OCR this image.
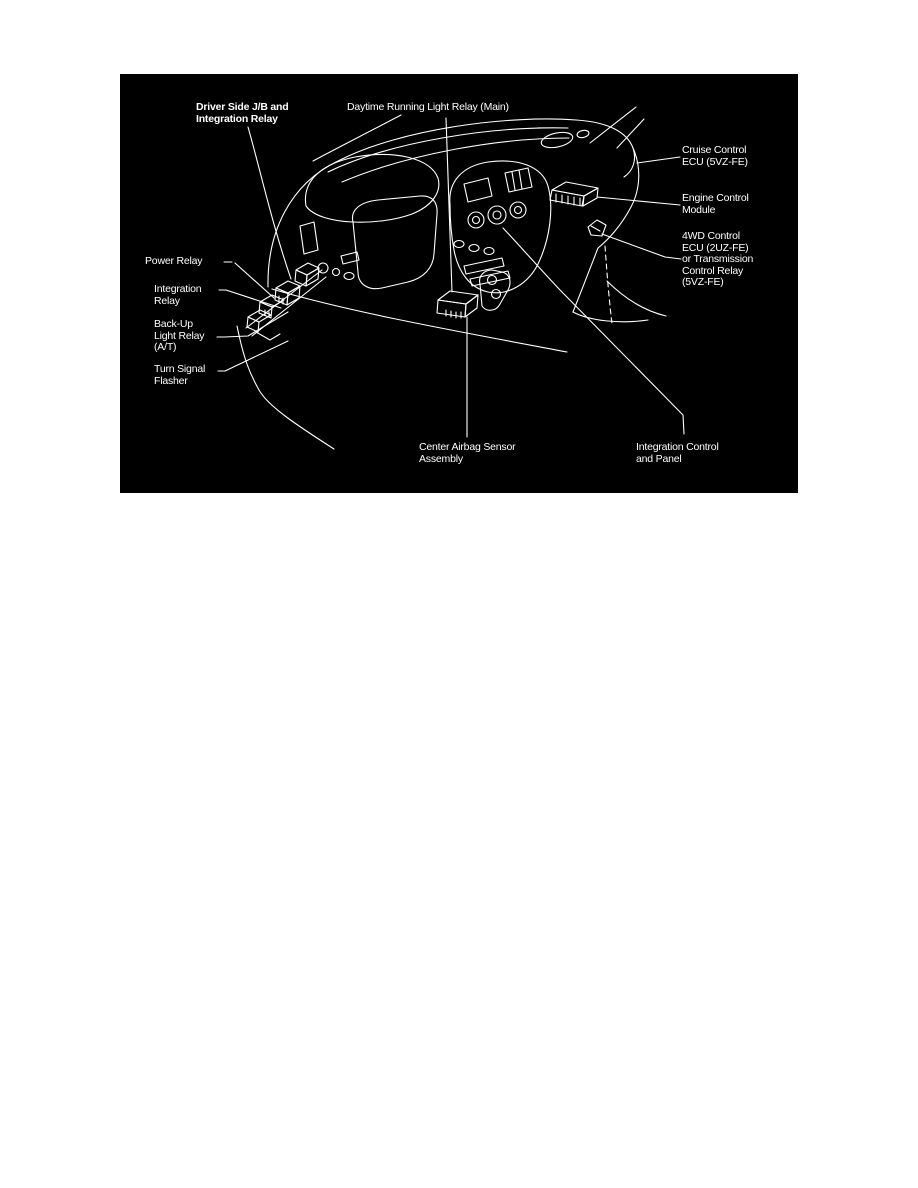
Driver Side J/B and
Integration Relay
Daytime Running Light Relay (Main)
Cruise Control
ECU (5VZ-FE)
Engine Control
Module
4WD Control
ECU (2UZ-FE)
or Transmission
Control Relay
(5VZ-FE)
Power Relay
Integration
Relay
Back-Up
Light Relay
(A/T)
Turn Signal
Flasher
Center Airbag Sensor
Assembly
Integration Control
and Panel
